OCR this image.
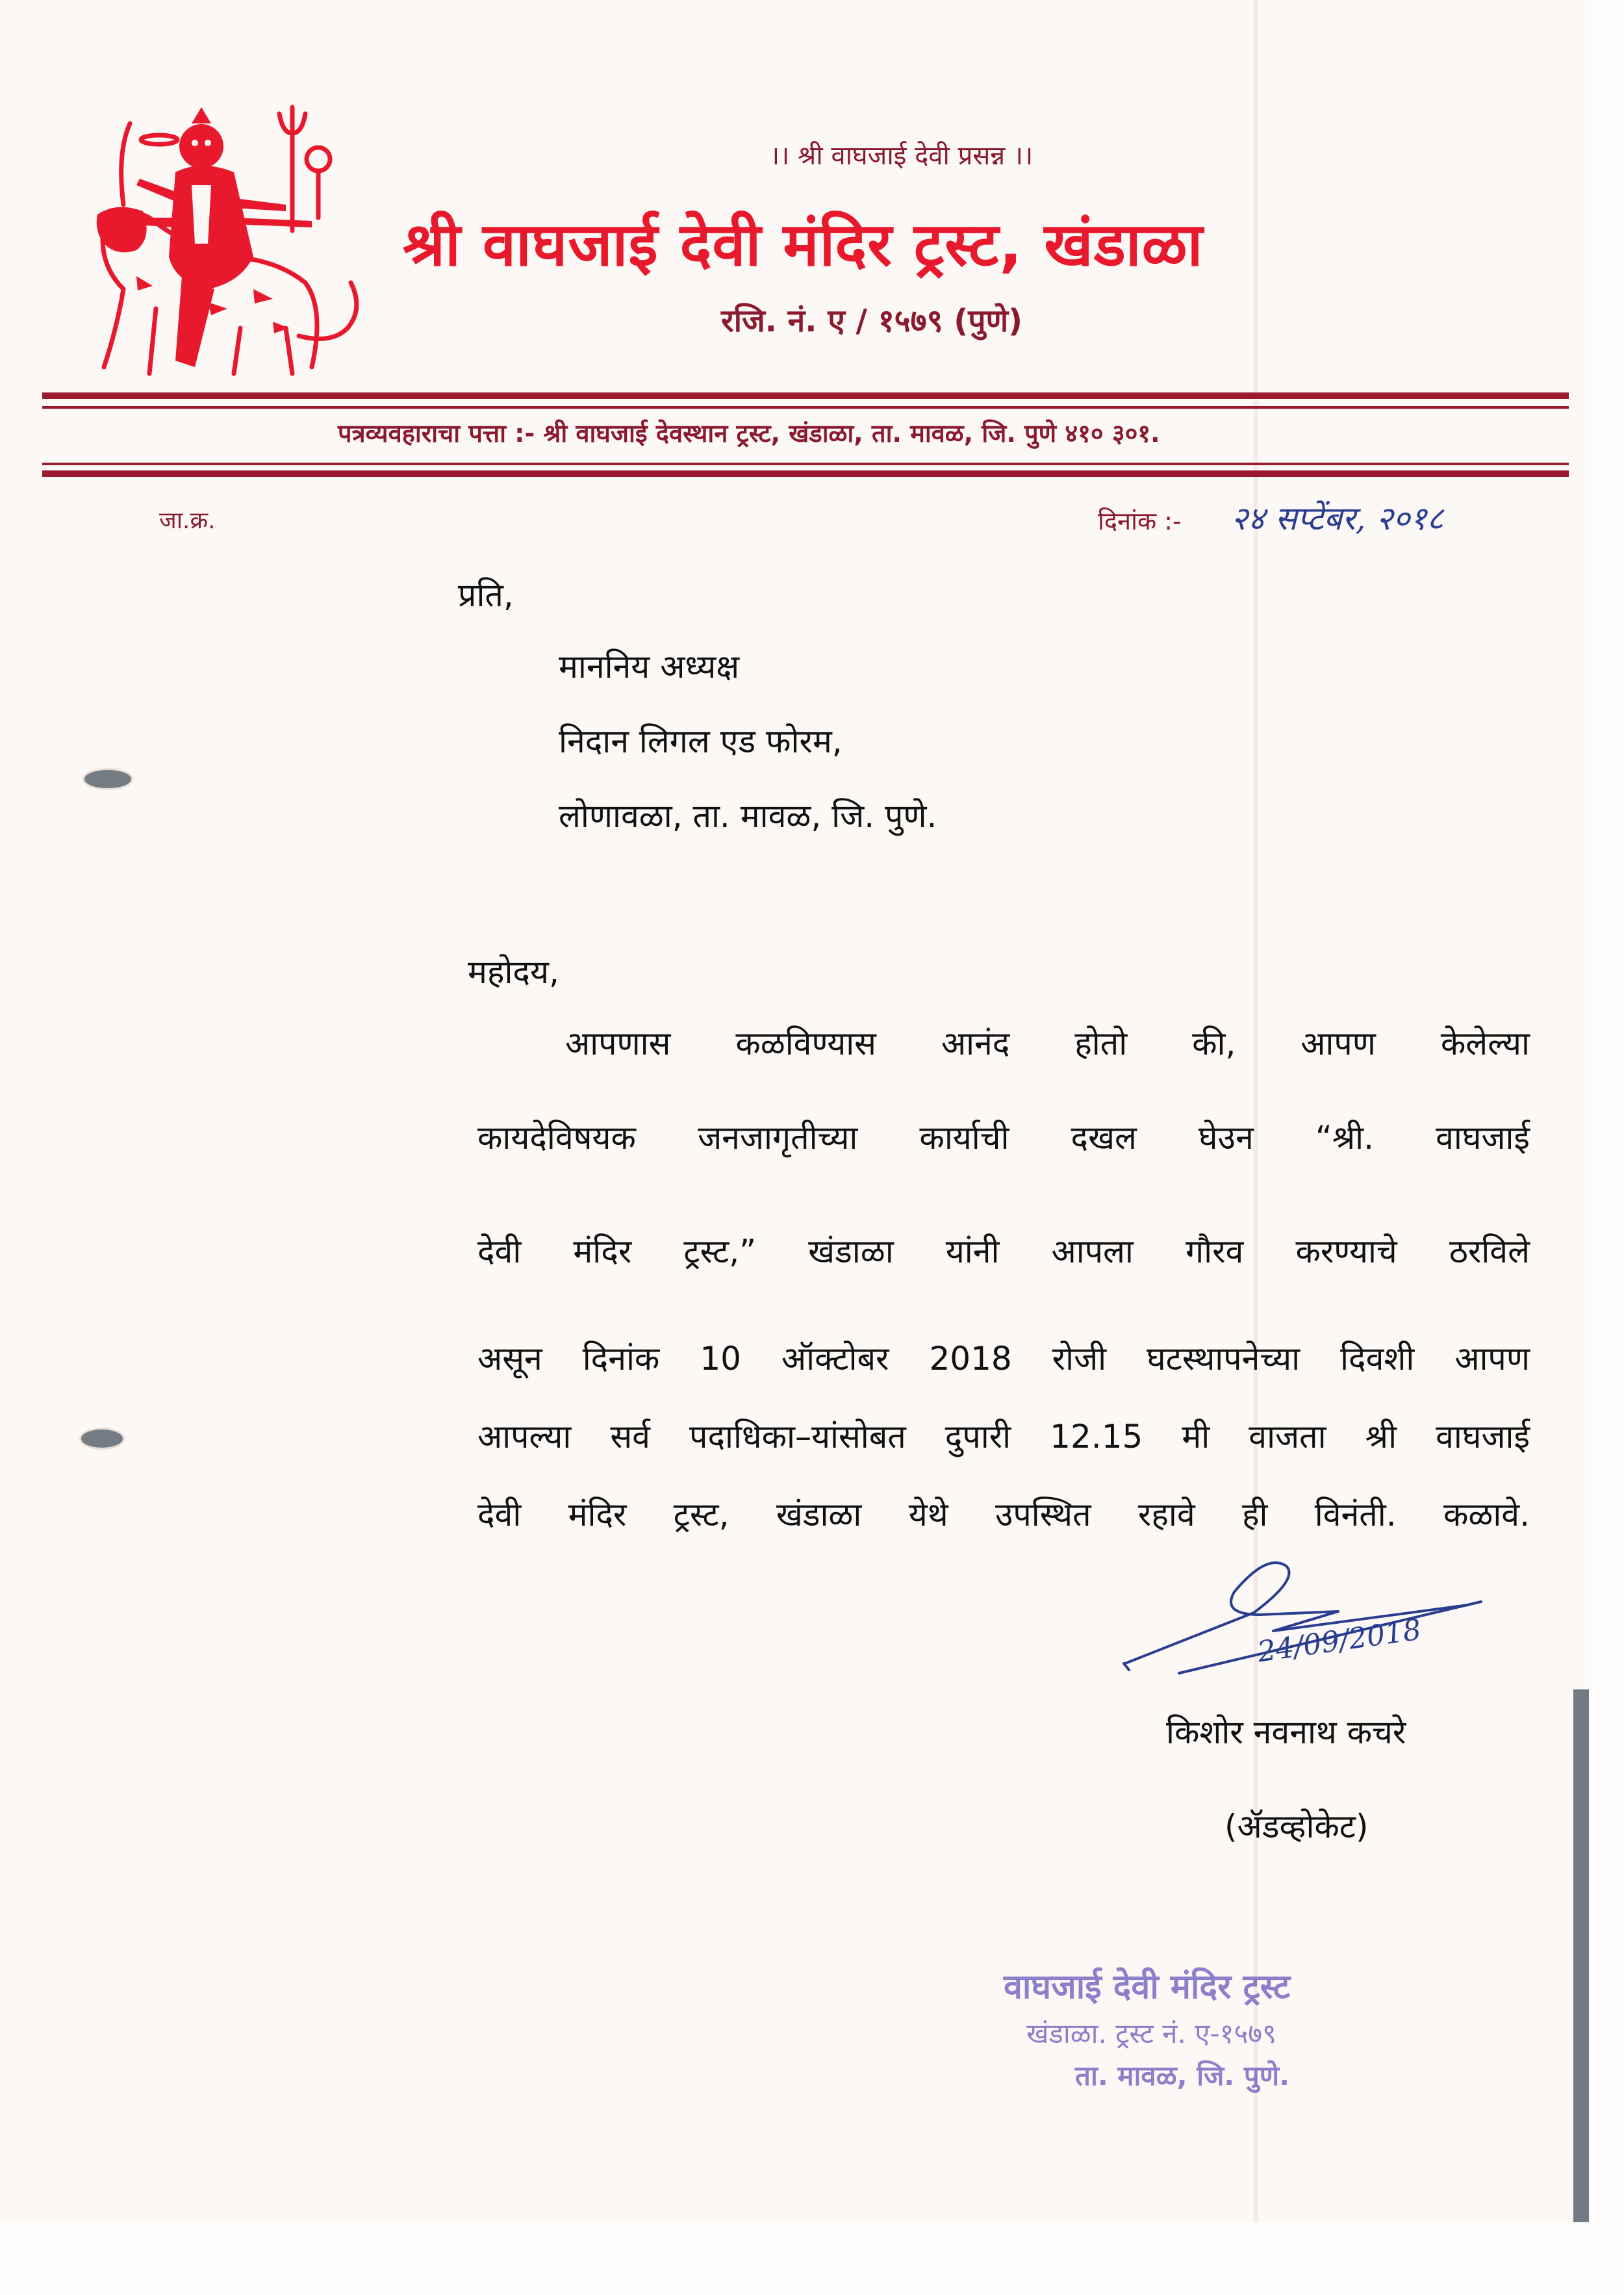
।। श्री वाघजाई देवी प्रसन्न ।।
श्री वाघजाई देवी मंदिर ट्रस्ट, खंडाळा
रजि. नं. ए / १५७९ (पुणे)
पत्रव्यवहाराचा पत्ता :- श्री वाघजाई देवस्थान ट्रस्ट, खंडाळा, ता. मावळ, जि. पुणे ४१० ३०१.
जा.क्र.	दिनांक :- २४ सप्टेंबर, २०१८
प्रति,
माननिय अध्यक्ष
निदान लिगल एड फोरम,
लोणावळा, ता. मावळ, जि. पुणे.
महोदय,
आपणास कळविण्यास आनंद होतो की, आपण केलेल्या
कायदेविषयक जनजागृतीच्या कार्याची दखल घेउन “श्री. वाघजाई
देवी मंदिर ट्रस्ट,” खंडाळा यांनी आपला गौरव करण्याचे ठरविले
असून दिनांक 10 ऑक्टोबर 2018 रोजी घटस्थापनेच्या दिवशी आपण
आपल्या सर्व पदाधिका–यांसोबत दुपारी 12.15 मी वाजता श्री वाघजाई
देवी मंदिर ट्रस्ट, खंडाळा येथे उपस्थित रहावे ही विनंती. कळावे.
24/09/2018
किशोर नवनाथ कचरे
(ॲडव्होकेट)
वाघजाई देवी मंदिर ट्रस्ट
खंडाळा. ट्रस्ट नं. ए-१५७९
ता. मावळ, जि. पुणे.
